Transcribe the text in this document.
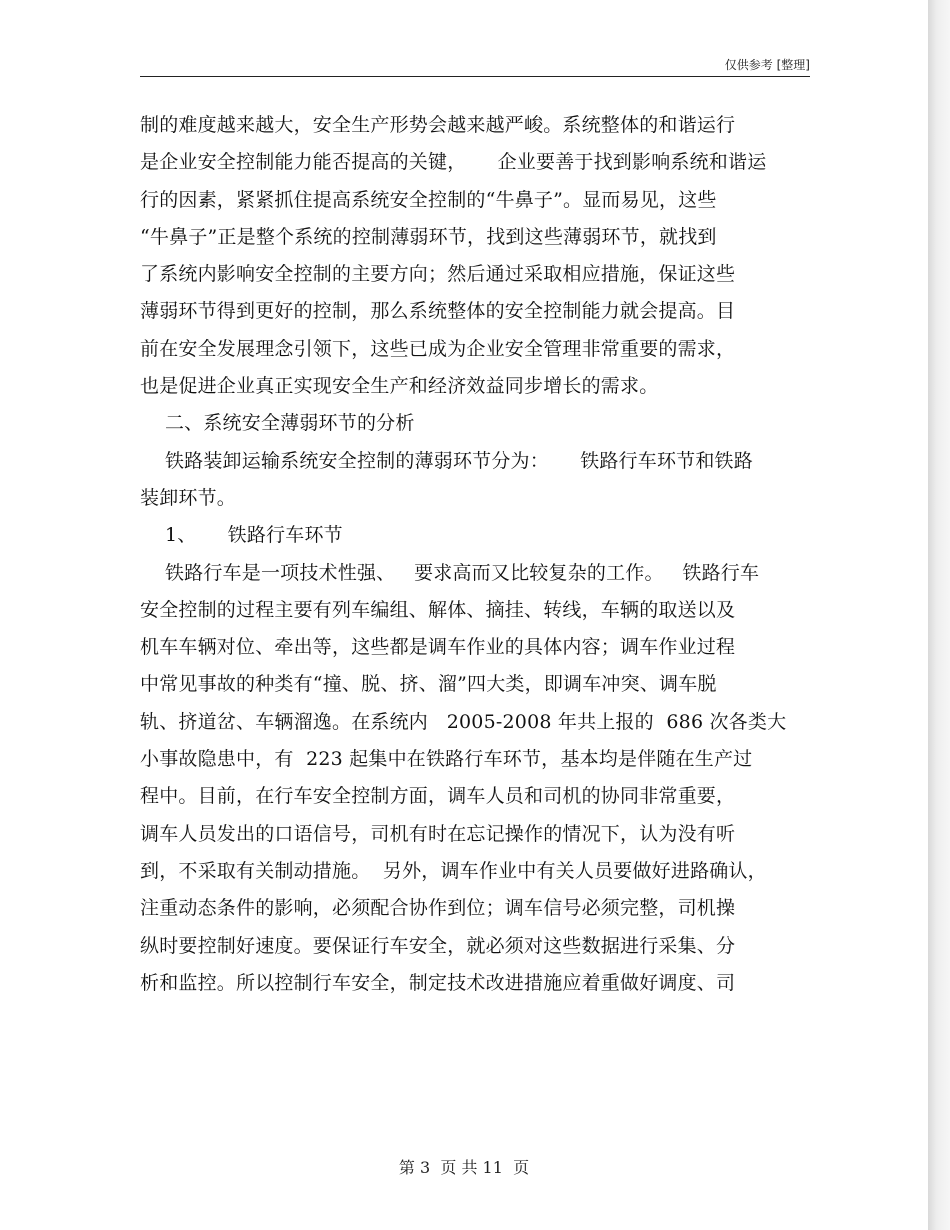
仅供参考 [整理]
制的难度越来越大，安全生产形势会越来越严峻。系统整体的和谐运行
是企业安全控制能力能否提高的关键，     企业要善于找到影响系统和谐运
行的因素，紧紧抓住提高系统安全控制的“牛鼻子”。显而易见，这些
“牛鼻子”正是整个系统的控制薄弱环节，找到这些薄弱环节，就找到
了系统内影响安全控制的主要方向；然后通过采取相应措施，保证这些
薄弱环节得到更好的控制，那么系统整体的安全控制能力就会提高。目
前在安全发展理念引领下，这些已成为企业安全管理非常重要的需求，
也是促进企业真正实现安全生产和经济效益同步增长的需求。
二、系统安全薄弱环节的分析
铁路装卸运输系统安全控制的薄弱环节分为：     铁路行车环节和铁路
装卸环节。
1、     铁路行车环节
铁路行车是一项技术性强、   要求高而又比较复杂的工作。   铁路行车
安全控制的过程主要有列车编组、解体、摘挂、转线，车辆的取送以及
机车车辆对位、牵出等，这些都是调车作业的具体内容；调车作业过程
中常见事故的种类有“撞、脱、挤、溜”四大类，即调车冲突、调车脱
轨、挤道岔、车辆溜逸。在系统内   2005-2008 年共上报的  686 次各类大
小事故隐患中，有  223 起集中在铁路行车环节，基本均是伴随在生产过
程中。目前，在行车安全控制方面，调车人员和司机的协同非常重要，
调车人员发出的口语信号，司机有时在忘记操作的情况下，认为没有听
到，不采取有关制动措施。  另外，调车作业中有关人员要做好进路确认，
注重动态条件的影响，必须配合协作到位；调车信号必须完整，司机操
纵时要控制好速度。要保证行车安全，就必须对这些数据进行采集、分
析和监控。所以控制行车安全，制定技术改进措施应着重做好调度、司
第 3  页 共 11  页
